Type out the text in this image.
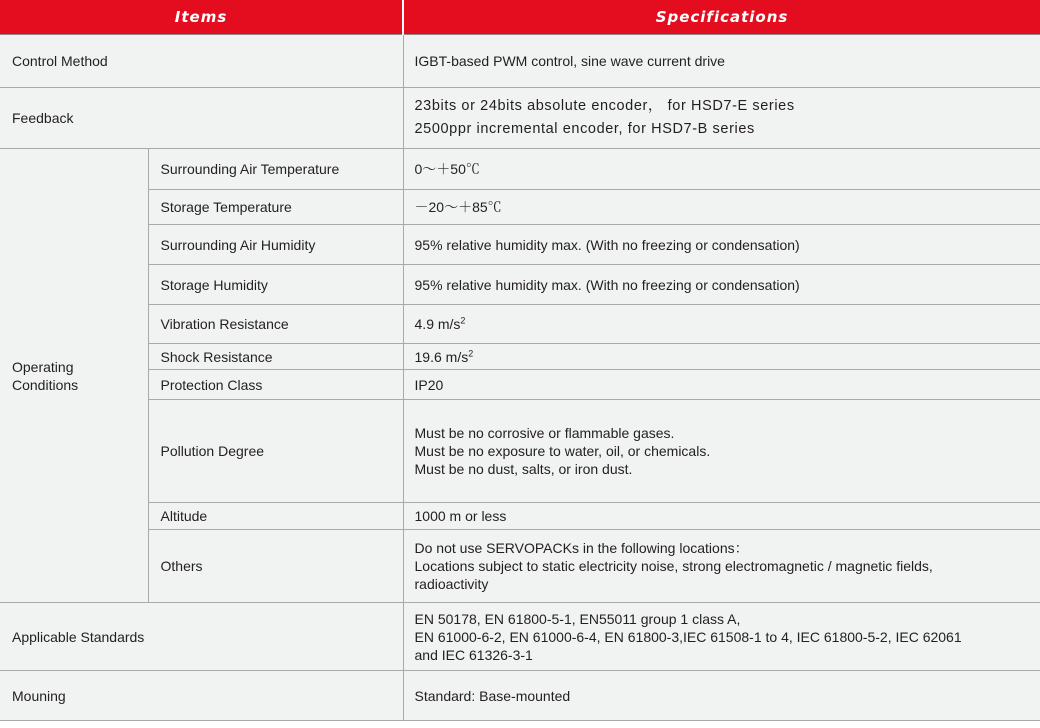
Items		Specifications
Control Method		IGBT-based PWM control, sine wave current drive
Feedback		23bits or 24bits absolute encoder， for HSD7-E series
2500ppr incremental encoder, for HSD7-B series

Operating
Conditions	Surrounding Air Temperature	0～＋50℃
	Storage Temperature	－20～＋85℃
	Surrounding Air Humidity	95% relative humidity max. (With no freezing or condensation)
	Storage Humidity	95% relative humidity max. (With no freezing or condensation)
	Vibration Resistance	4.9 $m/s^2$
	Shock Resistance	19.6 $m/s^2$
	Protection Class	IP20
	Pollution Degree	Must be no corrosive or flammable gases.
Must be no exposure to water, oil, or chemicals.
Must be no dust, salts, or iron dust.

	Altitude	1000 m or less
	Others	Do not use SERVOPACKs in the following locations：
Locations subject to static electricity noise, strong electromagnetic / magnetic fields,
radioactivity

Applicable Standards		EN 50178, EN 61800-5-1, EN55011 group 1 class A,
EN 61000-6-2, EN 61000-6-4, EN 61800-3,IEC 61508-1 to 4, IEC 61800-5-2, IEC 62061
and IEC 61326-3-1

Mouning		Standard: Base-mounted
